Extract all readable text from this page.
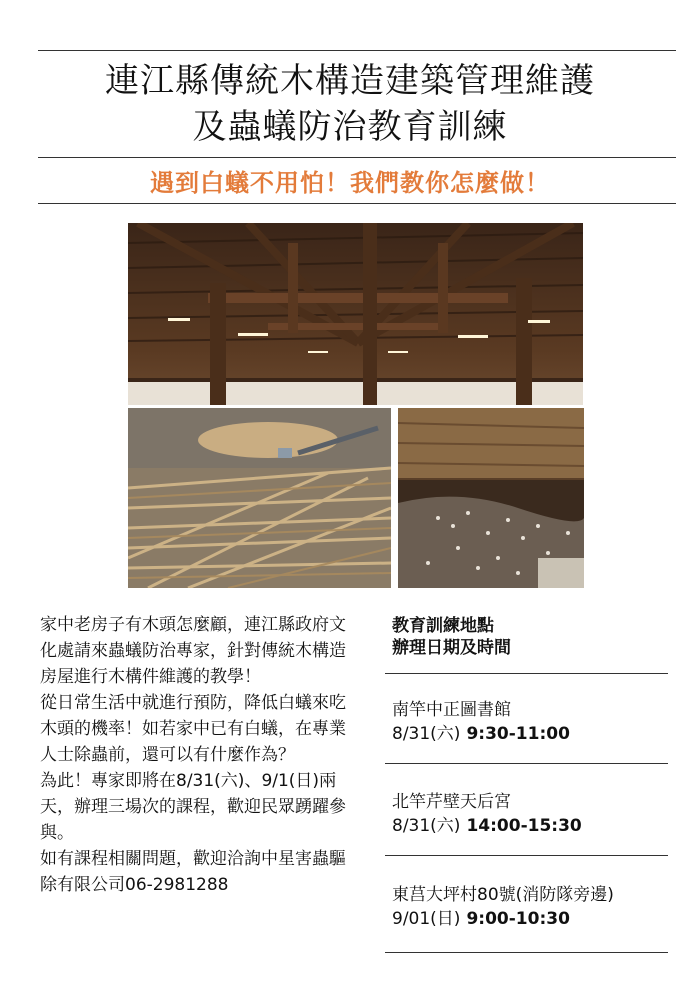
連江縣傳統木構造建築管理維護
及蟲蟻防治教育訓練
遇到白蟻不用怕！我們教你怎麼做！

家中老房子有木頭怎麼顧，連江縣政府文化處請來蟲蟻防治專家，針對傳統木構造房屋進行木構件維護的教學！

從日常生活中就進行預防，降低白蟻來吃木頭的機率！如若家中已有白蟻，在專業人士除蟲前，還可以有什麼作為？

為此！專家即將在8/31(六)、9/1(日)兩天，辦理三場次的課程，歡迎民眾踴躍參與。

如有課程相關問題，歡迎洽詢中星害蟲驅除有限公司06-2981288

教育訓練地點
辦理日期及時間
南竿中正圖書館
8/31(六) 9:30-11:00
北竿芹壁天后宮
8/31(六) 14:00-15:30
東莒大坪村80號(消防隊旁邊)
9/01(日) 9:00-10:30
